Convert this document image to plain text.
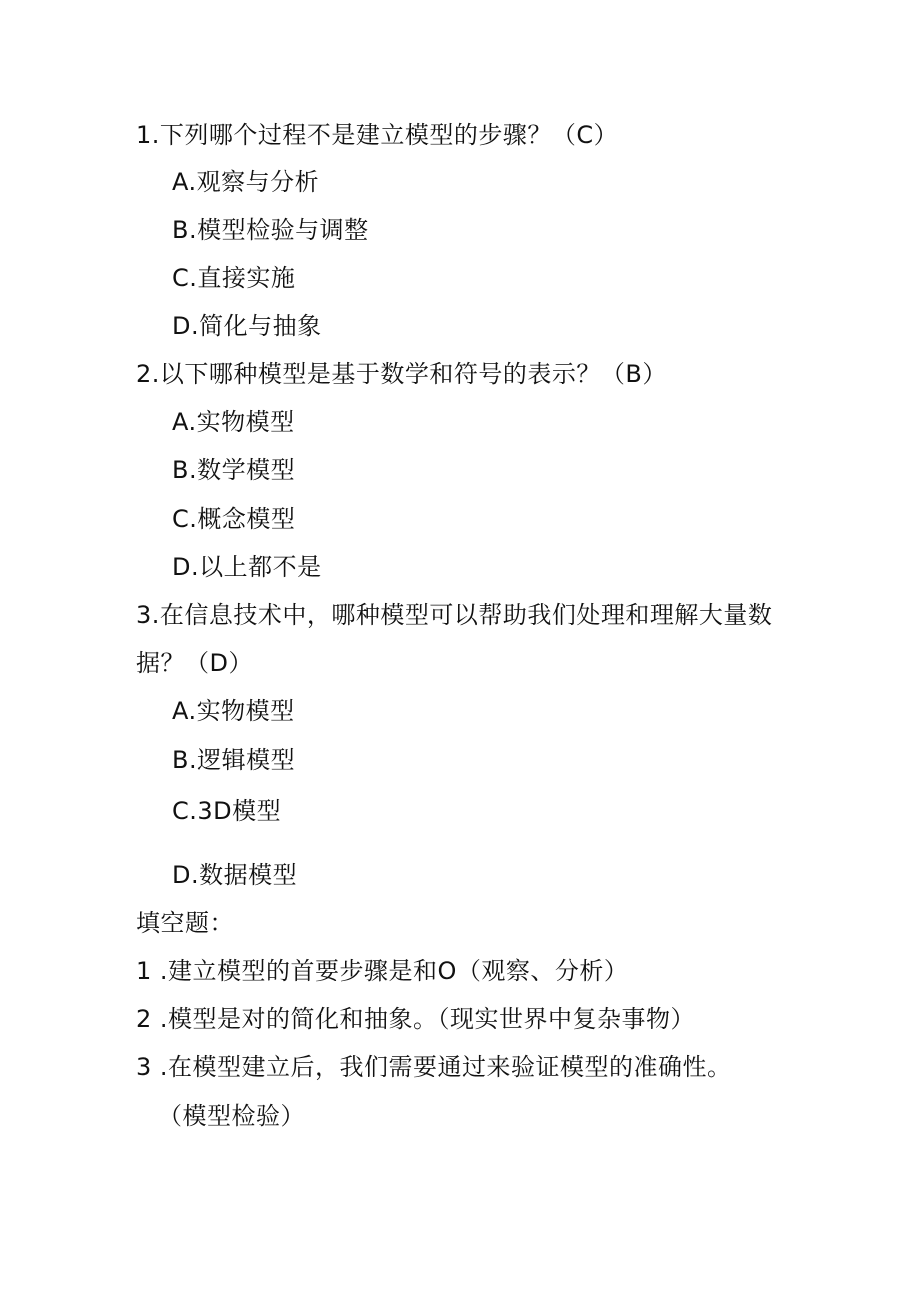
1.下列哪个过程不是建立模型的步骤？（C）
A.观察与分析
B.模型检验与调整
C.直接实施
D.简化与抽象
2.以下哪种模型是基于数学和符号的表示？（B）
A.实物模型
B.数学模型
C.概念模型
D.以上都不是
3.在信息技术中，哪种模型可以帮助我们处理和理解大量数
据？（D）
A.实物模型
B.逻辑模型
C.3D模型
D.数据模型
填空题：
1 .建立模型的首要步骤是和O（观察、分析）
2 .模型是对的简化和抽象。（现实世界中复杂事物）
3 .在模型建立后，我们需要通过来验证模型的准确性。
（模型检验）
